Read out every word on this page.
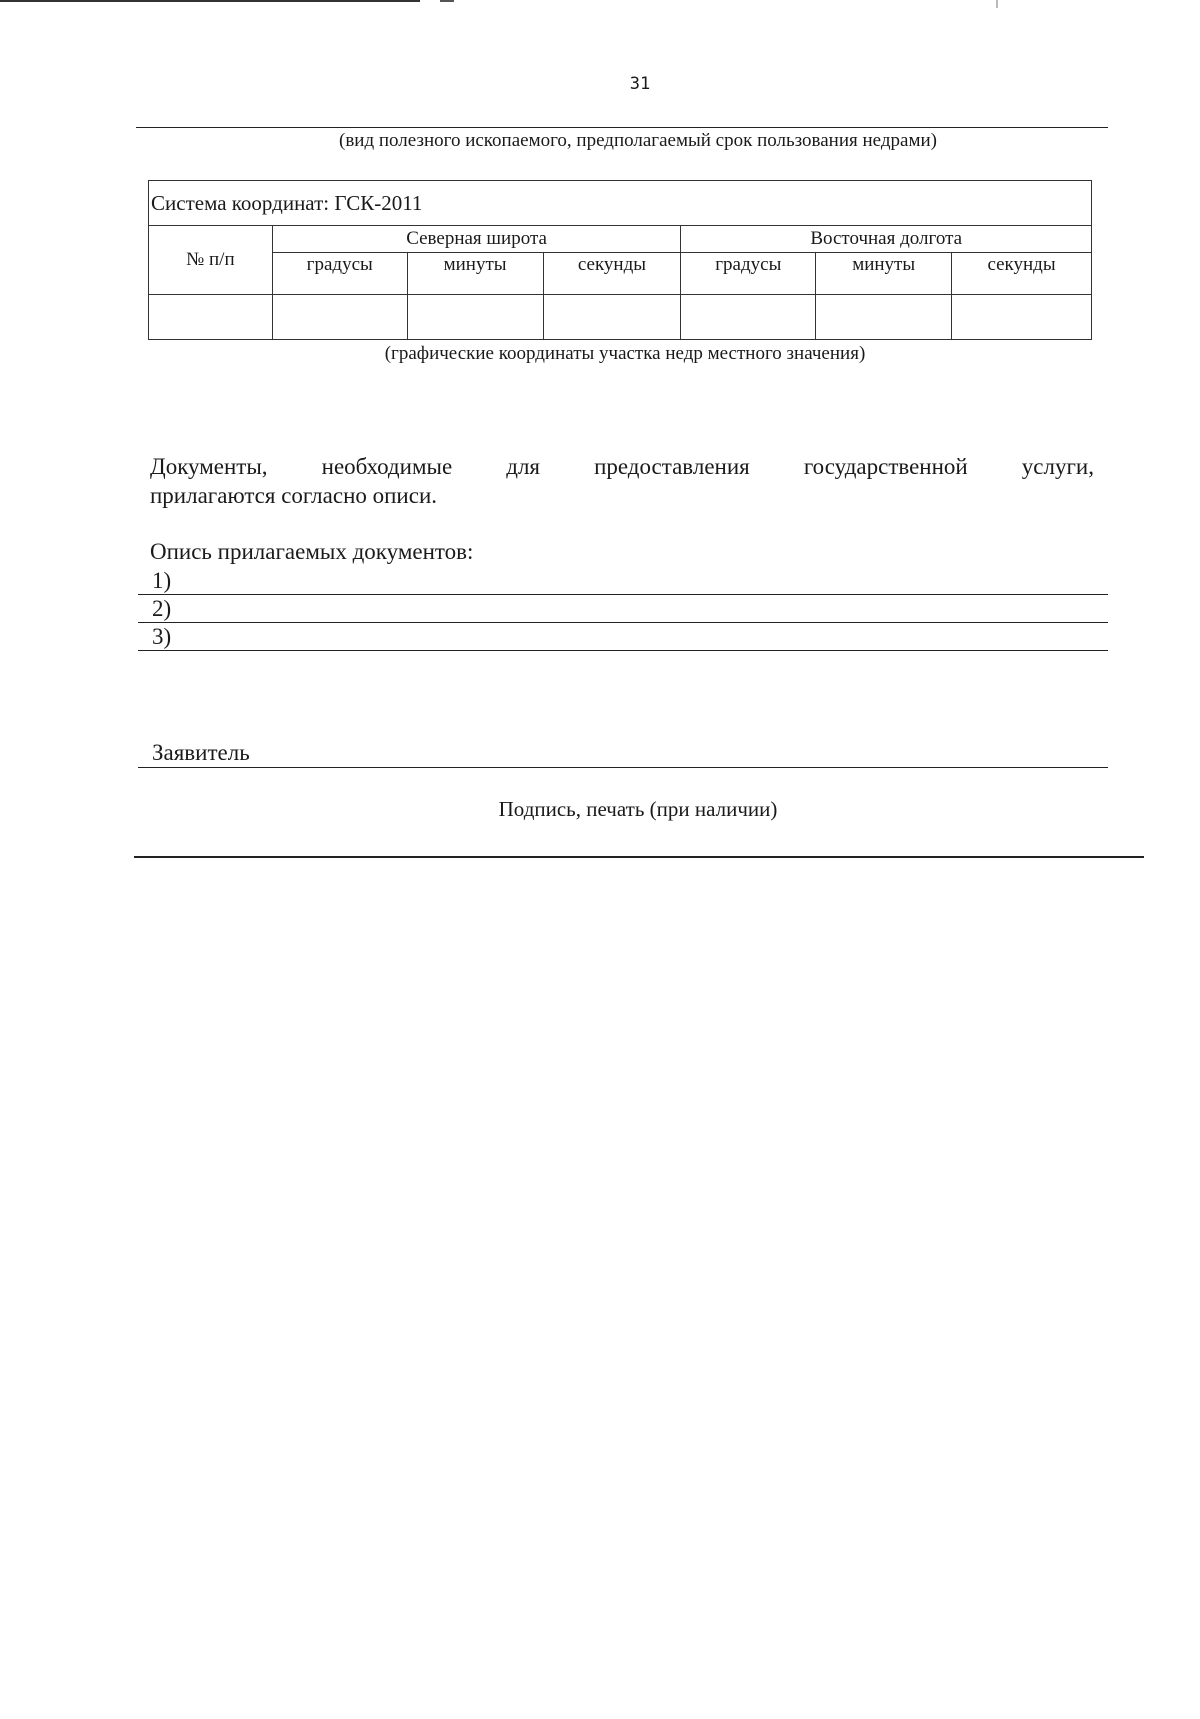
31
(вид полезного ископаемого, предполагаемый срок пользования недрами)
Система координат: ГСК-2011						
№ п/п	Северная широта			Восточная долгота		
	градусы	минуты	секунды	градусы	минуты	секунды

(графические координаты участка недр местного значения)
Документы, необходимые для предоставления государственной услуги,
прилагаются согласно описи.
Опись прилагаемых документов:
1)
2)
3)
Заявитель
Подпись, печать (при наличии)
